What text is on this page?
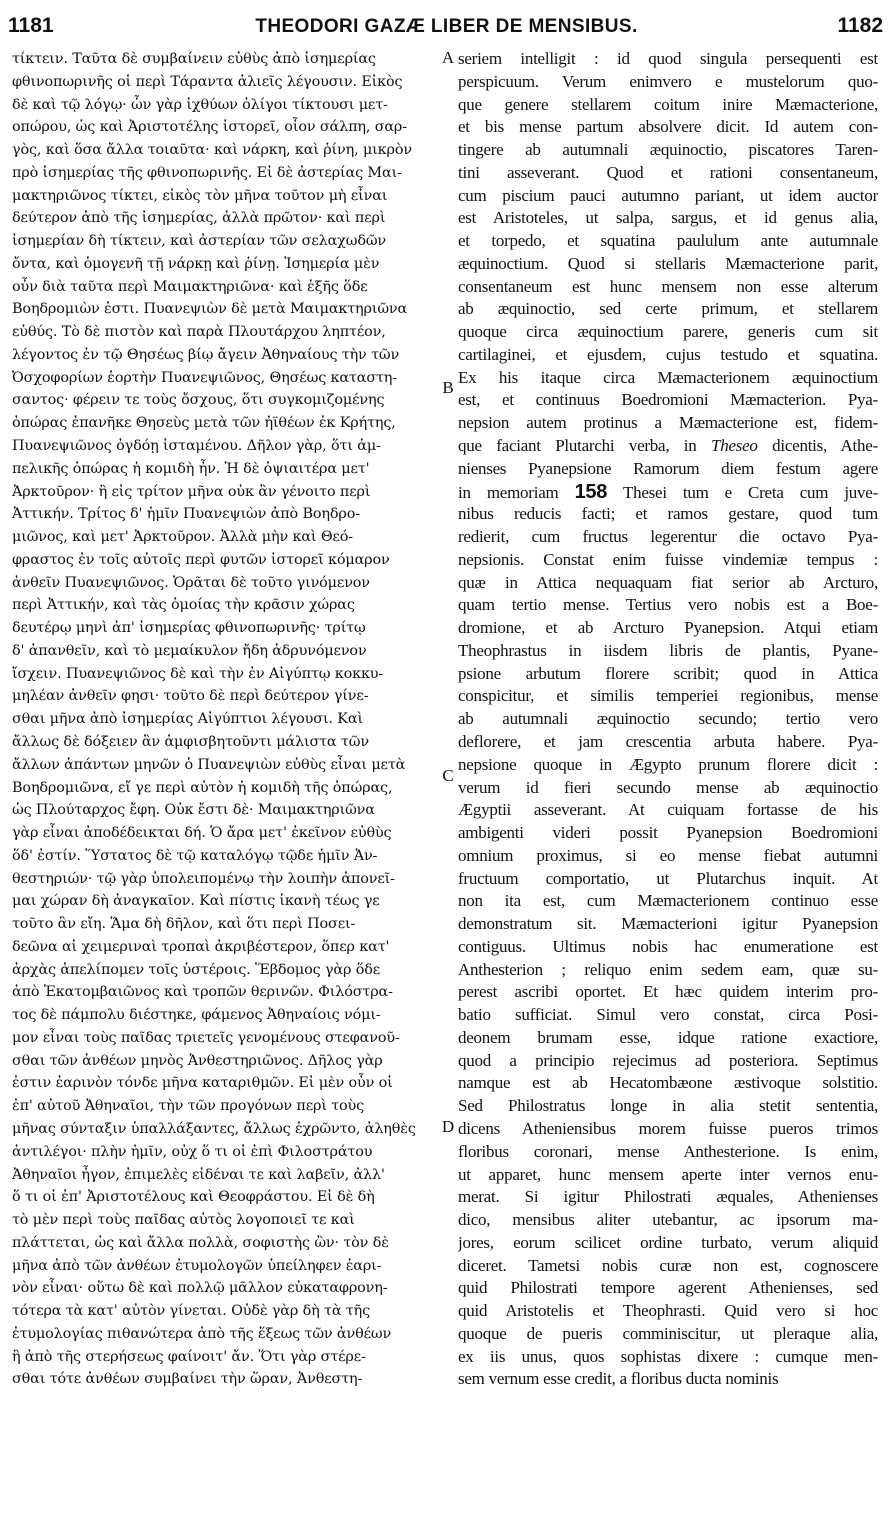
1181	THEODORI GAZÆ LIBER DE MENSIBUS.	1182
τίκτειν. Ταῦτα δὲ συμβαίνειν εὐθὺς ἀπὸ ἰσημερίας
φθινοπωρινῆς οἱ περὶ Τάραντα ἁλιεῖς λέγουσιν. Εἰκὸς
δὲ καὶ τῷ λόγῳ· ὧν γὰρ ἰχθύων ὀλίγοι τίκτουσι μετ-
οπώρου, ὡς καὶ Ἀριστοτέλης ἱστορεῖ, οἷον σάλπη, σαρ-
γὸς, καὶ ὅσα ἄλλα τοιαῦτα· καὶ νάρκη, καὶ ῥίνη, μικρὸν
πρὸ ἰσημερίας τῆς φθινοπωρινῆς. Εἰ δὲ ἀστερίας Μαι-
μακτηριῶνος τίκτει, εἰκὸς τὸν μῆνα τοῦτον μὴ εἶναι
δεύτερον ἀπὸ τῆς ἰσημερίας, ἀλλὰ πρῶτον· καὶ περὶ
ἰσημερίαν δὴ τίκτειν, καὶ ἀστερίαν τῶν σελαχωδῶν
ὄντα, καὶ ὁμογενῆ τῇ νάρκῃ καὶ ῥίνῃ. Ἰσημερία μὲν
οὖν διὰ ταῦτα περὶ Μαιμακτηριῶνα· καὶ ἑξῆς ὅδε
Βοηδρομιὼν ἐστι. Πυανεψιὼν δὲ μετὰ Μαιμακτηριῶνα
εὐθύς. Τὸ δὲ πιστὸν καὶ παρὰ Πλουτάρχου ληπτέον,
λέγοντος ἐν τῷ Θησέως βίῳ ἄγειν Ἀθηναίους τὴν τῶν
Ὀσχοφορίων ἑορτὴν Πυανεψιῶνος, Θησέως καταστη-
σαντος· φέρειν τε τοὺς ὄσχους, ὅτι συγκομιζομένης
ὀπώρας ἐπανῆκε Θησεὺς μετὰ τῶν ἠϊθέων ἐκ Κρήτης,
Πυανεψιῶνος ὀγδόῃ ἱσταμένου. Δῆλον γὰρ, ὅτι ἀμ-
πελικῆς ὀπώρας ἡ κομιδὴ ἦν. Ἡ δὲ ὀψιαιτέρα μετ'
Ἀρκτοῦρον· ἢ εἰς τρίτον μῆνα οὐκ ἂν γένοιτο περὶ
Ἀττικήν. Τρίτος δ' ἡμῖν Πυανεψιὼν ἀπὸ Βοηδρο-
μιῶνος, καὶ μετ' Ἀρκτοῦρον. Ἀλλὰ μὴν καὶ Θεό-
φραστος ἐν τοῖς αὐτοῖς περὶ φυτῶν ἱστορεῖ κόμαρον
ἀνθεῖν Πυανεψιῶνος. Ὁρᾶται δὲ τοῦτο γινόμενον
περὶ Ἀττικήν, καὶ τὰς ὁμοίας τὴν κρᾶσιν χώρας
δευτέρῳ μηνὶ ἀπ' ἰσημερίας φθινοπωρινῆς· τρίτῳ
δ' ἀπανθεῖν, καὶ τὸ μεμαίκυλον ἤδη ἁδρυνόμενον
ἴσχειν. Πυανεψιῶνος δὲ καὶ τὴν ἐν Αἰγύπτῳ κοκκυ-
μηλέαν ἀνθεῖν φησι· τοῦτο δὲ περὶ δεύτερον γίνε-
σθαι μῆνα ἀπὸ ἰσημερίας Αἰγύπτιοι λέγουσι. Καὶ
ἄλλως δὲ δόξειεν ἂν ἀμφισβητοῦντι μάλιστα τῶν
ἄλλων ἁπάντων μηνῶν ὁ Πυανεψιὼν εὐθὺς εἶναι μετὰ
Βοηδρομιῶνα, εἴ γε περὶ αὐτὸν ἡ κομιδὴ τῆς ὀπώρας,
ὡς Πλούταρχος ἔφη. Οὐκ ἔστι δὲ· Μαιμακτηριῶνα
γὰρ εἶναι ἀποδέδεικται δή. Ὁ ἄρα μετ' ἐκεῖνον εὐθὺς
ὅδ' ἐστίν. Ὕστατος δὲ τῷ καταλόγῳ τῷδε ἡμῖν Ἀν-
θεστηριών· τῷ γὰρ ὑπολειπομένῳ τὴν λοιπὴν ἀπονεῖ-
μαι χώραν δὴ ἀναγκαῖον. Καὶ πίστις ἱκανὴ τέως γε
τοῦτο ἂν εἴη. Ἅμα δὴ δῆλον, καὶ ὅτι περὶ Ποσει-
δεῶνα αἱ χειμεριναὶ τροπαὶ ἀκριβέστερον, ὅπερ κατ'
ἀρχὰς ἀπελίπομεν τοῖς ὑστέροις. Ἕβδομος γὰρ ὅδε
ἀπὸ Ἑκατομβαιῶνος καὶ τροπῶν θερινῶν. Φιλόστρα-
τος δὲ πάμπολυ διέστηκε, φάμενος Ἀθηναίοις νόμι-
μον εἶναι τοὺς παῖδας τριετεῖς γενομένους στεφανοῦ-
σθαι τῶν ἀνθέων μηνὸς Ἀνθεστηριῶνος. Δῆλος γὰρ
ἐστιν ἐαρινὸν τόνδε μῆνα καταριθμῶν. Εἰ μὲν οὖν οἱ
ἐπ' αὐτοῦ Ἀθηναῖοι, τὴν τῶν προγόνων περὶ τοὺς
μῆνας σύνταξιν ὑπαλλάξαντες, ἄλλως ἐχρῶντο, ἀληθὲς
ἀντιλέγοι· πλὴν ἡμῖν, οὐχ ὅ τι οἱ ἐπὶ Φιλοστράτου
Ἀθηναῖοι ἦγον, ἐπιμελὲς εἰδέναι τε καὶ λαβεῖν, ἀλλ'
ὅ τι οἱ ἐπ' Ἀριστοτέλους καὶ Θεοφράστου. Εἰ δὲ δὴ
τὸ μὲν περὶ τοὺς παῖδας αὐτὸς λογοποιεῖ τε καὶ
πλάττεται, ὡς καὶ ἄλλα πολλὰ, σοφιστὴς ὢν· τὸν δὲ
μῆνα ἀπὸ τῶν ἀνθέων ἐτυμολογῶν ὑπείληφεν ἐαρι-
νὸν εἶναι· οὕτω δὲ καὶ πολλῷ μᾶλλον εὐκαταφρονη-
τότερα τὰ κατ' αὐτὸν γίνεται. Οὐδὲ γὰρ δὴ τὰ τῆς
ἐτυμολογίας πιθανώτερα ἀπὸ τῆς ἕξεως τῶν ἀνθέων
ἢ ἀπὸ τῆς στερήσεως φαίνοιτ' ἄν. Ὅτι γὰρ στέρε-
σθαι τότε ἀνθέων συμβαίνει τὴν ὥραν, Ἀνθεστη-
A
B
C
D
seriem intelligit : id quod singula persequenti est
perspicuum. Verum enimvero e mustelorum quo-
que genere stellarem coitum inire Mæmacterione,
et bis mense partum absolvere dicit. Id autem con-
tingere ab autumnali æquinoctio, piscatores Taren-
tini asseverant. Quod et rationi consentaneum,
cum piscium pauci autumno pariant, ut idem auctor
est Aristoteles, ut salpa, sargus, et id genus alia,
et torpedo, et squatina paululum ante autumnale
æquinoctium. Quod si stellaris Mæmacterione parit,
consentaneum est hunc mensem non esse alterum
ab æquinoctio, sed certe primum, et stellarem
quoque circa æquinoctium parere, generis cum sit
cartilaginei, et ejusdem, cujus testudo et squatina.
Ex his itaque circa Mæmacterionem æquinoctium
est, et continuus Boedromioni Mæmacterion. Pya-
nepsion autem protinus a Mæmacterione est, fidem-
que faciant Plutarchi verba, in Theseo dicentis, Athe-
nienses Pyanepsione Ramorum diem festum agere
in memoriam 158 Thesei tum e Creta cum juve-
nibus reducis facti; et ramos gestare, quod tum
redierit, cum fructus legerentur die octavo Pya-
nepsionis. Constat enim fuisse vindemiæ tempus :
quæ in Attica nequaquam fiat serior ab Arcturo,
quam tertio mense. Tertius vero nobis est a Boe-
dromione, et ab Arcturo Pyanepsion. Atqui etiam
Theophrastus in iisdem libris de plantis, Pyane-
psione arbutum florere scribit; quod in Attica
conspicitur, et similis temperiei regionibus, mense
ab autumnali æquinoctio secundo; tertio vero
deflorere, et jam crescentia arbuta habere. Pya-
nepsione quoque in Ægypto prunum florere dicit :
verum id fieri secundo mense ab æquinoctio
Ægyptii asseverant. At cuiquam fortasse de his
ambigenti videri possit Pyanepsion Boedromioni
omnium proximus, si eo mense fiebat autumni
fructuum comportatio, ut Plutarchus inquit. At
non ita est, cum Mæmacterionem continuo esse
demonstratum sit. Mæmacterioni igitur Pyanepsion
contiguus. Ultimus nobis hac enumeratione est
Anthesterion ; reliquo enim sedem eam, quæ su-
perest ascribi oportet. Et hæc quidem interim pro-
batio sufficiat. Simul vero constat, circa Posi-
deonem brumam esse, idque ratione exactiore,
quod a principio rejecimus ad posteriora. Septimus
namque est ab Hecatombæone æstivoque solstitio.
Sed Philostratus longe in alia stetit sententia,
dicens Atheniensibus morem fuisse pueros trimos
floribus coronari, mense Anthesterione. Is enim,
ut apparet, hunc mensem aperte inter vernos enu-
merat. Si igitur Philostrati æquales, Athenienses
dico, mensibus aliter utebantur, ac ipsorum ma-
jores, eorum scilicet ordine turbato, verum aliquid
diceret. Tametsi nobis curæ non est, cognoscere
quid Philostrati tempore agerent Athenienses, sed
quid Aristotelis et Theophrasti. Quid vero si hoc
quoque de pueris comminiscitur, ut pleraque alia,
ex iis unus, quos sophistas dixere : cumque men-
sem vernum esse credit, a floribus ducta nominis
